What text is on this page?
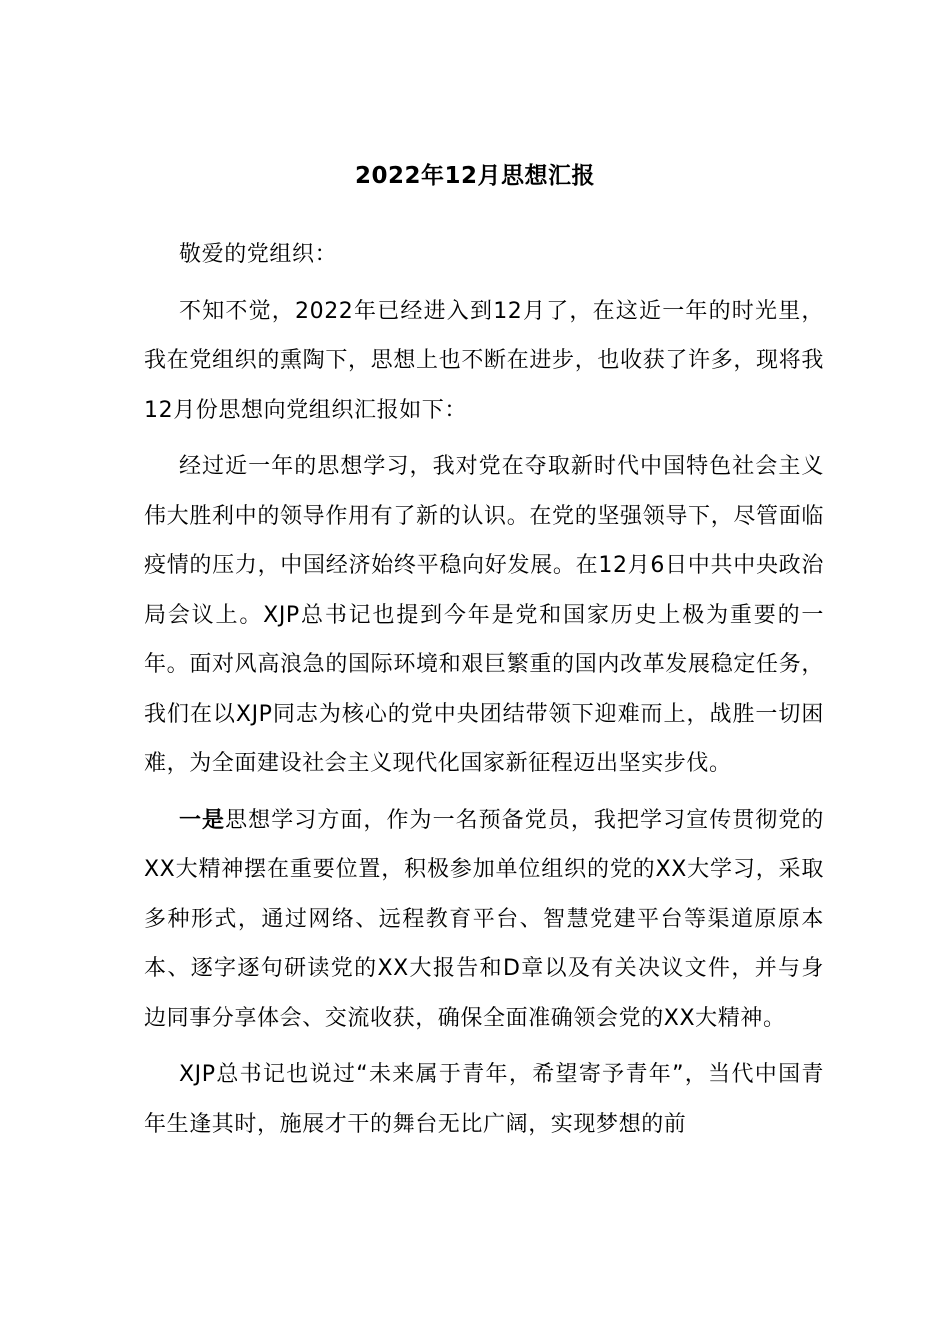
2022年12月思想汇报

敬爱的党组织：

不知不觉，2022年已经进入到12月了，在这近一年的时光里，我在党组织的熏陶下，思想上也不断在进步，也收获了许多，现将我12月份思想向党组织汇报如下：

经过近一年的思想学习，我对党在夺取新时代中国特色社会主义伟大胜利中的领导作用有了新的认识。在党的坚强领导下，尽管面临疫情的压力，中国经济始终平稳向好发展。在12月6日中共中央政治局会议上。XJP总书记也提到今年是党和国家历史上极为重要的一年。面对风高浪急的国际环境和艰巨繁重的国内改革发展稳定任务，我们在以XJP同志为核心的党中央团结带领下迎难而上，战胜一切困难，为全面建设社会主义现代化国家新征程迈出坚实步伐。

一是思想学习方面，作为一名预备党员，我把学习宣传贯彻党的XX大精神摆在重要位置，积极参加单位组织的党的XX大学习，采取多种形式，通过网络、远程教育平台、智慧党建平台等渠道原原本本、逐字逐句研读党的XX大报告和D章以及有关决议文件，并与身边同事分享体会、交流收获，确保全面准确领会党的XX大精神。

XJP总书记也说过“未来属于青年，希望寄予青年”，当代中国青年生逢其时，施展才干的舞台无比广阔，实现梦想的前
